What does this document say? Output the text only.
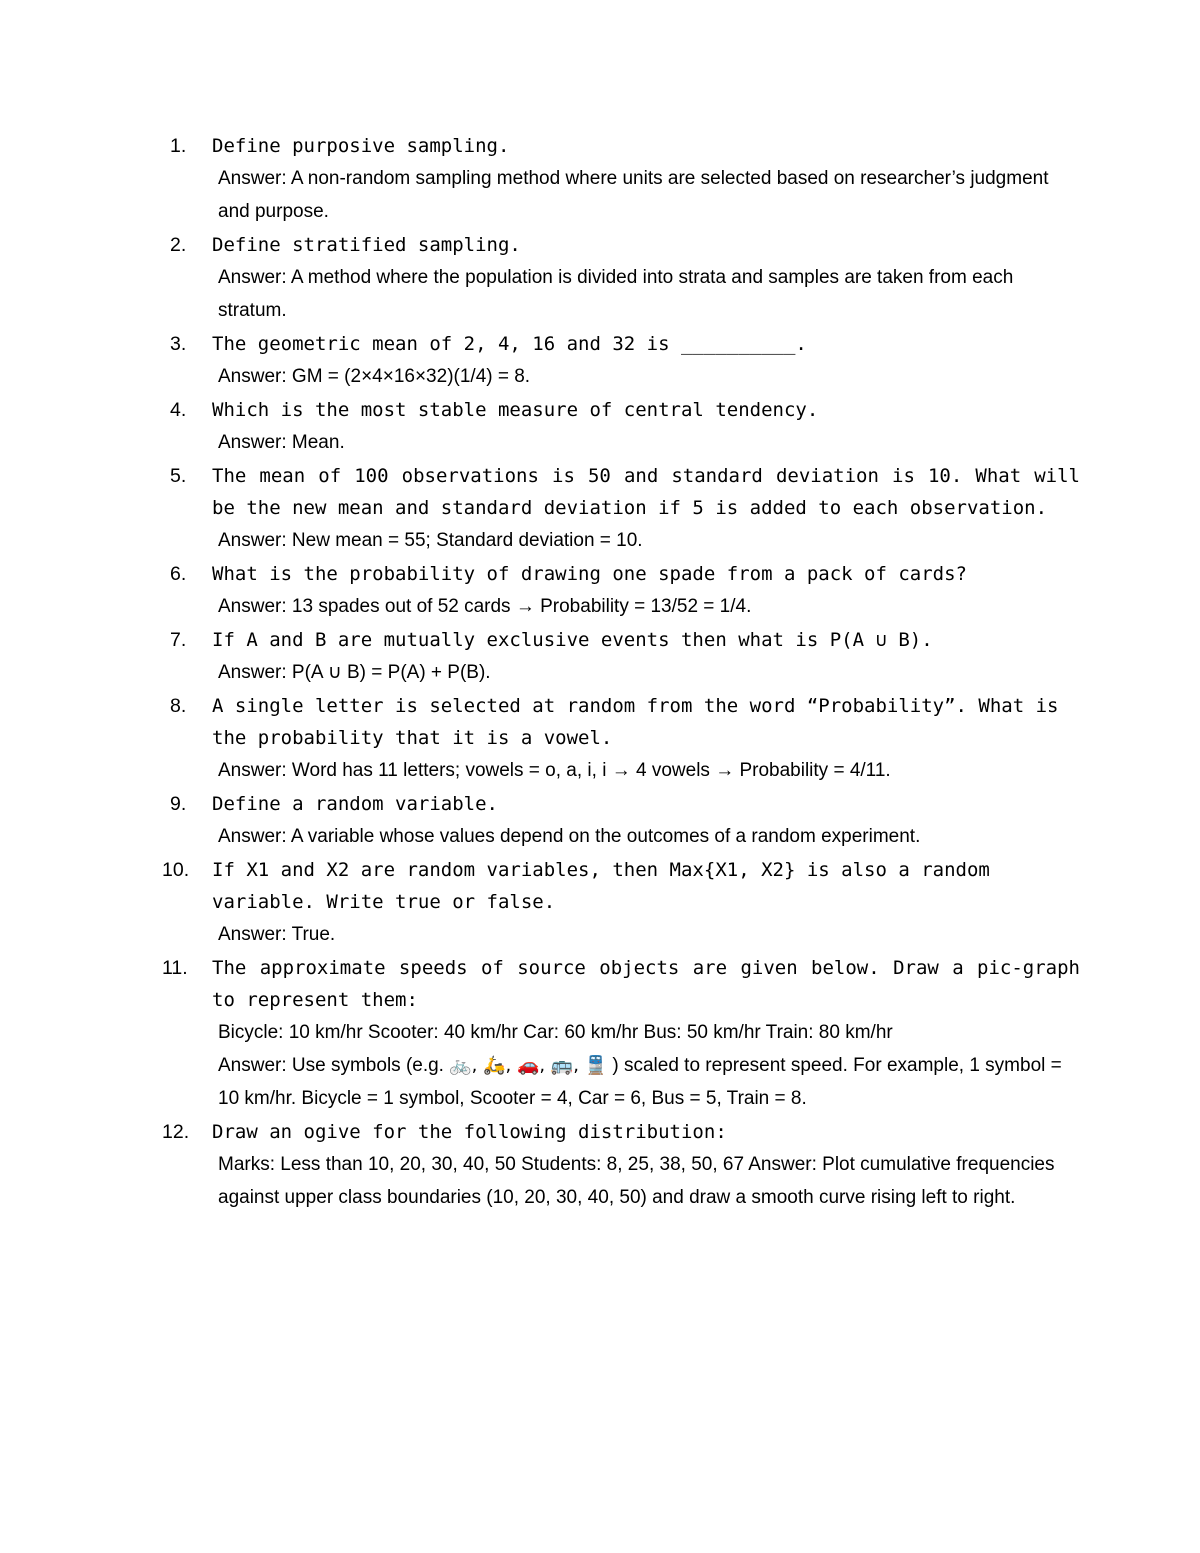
Define purposive sampling.
Answer: A non-random sampling method where units are selected based on researcher’s judgment and purpose.
Define stratified sampling.
Answer: A method where the population is divided into strata and samples are taken from each stratum.
The geometric mean of 2, 4, 16 and 32 is __________.
Answer: GM = (2×4×16×32)(1/4) = 8.
Which is the most stable measure of central tendency.
Answer: Mean.
The mean of 100 observations is 50 and standard deviation is 10. What will be the new mean and standard deviation if 5 is added to each observation.
Answer: New mean = 55; Standard deviation = 10.
What is the probability of drawing one spade from a pack of cards?
Answer: 13 spades out of 52 cards → Probability = 13/52 = 1/4.
If A and B are mutually exclusive events then what is P(A ∪ B).
Answer: P(A ∪ B) = P(A) + P(B).
A single letter is selected at random from the word “Probability”. What is the probability that it is a vowel.
Answer: Word has 11 letters; vowels = o, a, i, i → 4 vowels → Probability = 4/11.
Define a random variable.
Answer: A variable whose values depend on the outcomes of a random experiment.
If X1 and X2 are random variables, then Max{X1, X2} is also a random variable. Write true or false.
Answer: True.
The approximate speeds of source objects are given below. Draw a pic-graph to represent them:
Bicycle: 10 km/hr Scooter: 40 km/hr Car: 60 km/hr Bus: 50 km/hr Train: 80 km/hr
Answer: Use symbols (e.g. 🚲, 🛵, 🚗, 🚌, 🚆 ) scaled to represent speed. For example, 1 symbol = 10 km/hr. Bicycle = 1 symbol, Scooter = 4, Car = 6, Bus = 5, Train = 8.
Draw an ogive for the following distribution:
Marks: Less than 10, 20, 30, 40, 50 Students: 8, 25, 38, 50, 67 Answer: Plot cumulative frequencies against upper class boundaries (10, 20, 30, 40, 50) and draw a smooth curve rising left to right.
